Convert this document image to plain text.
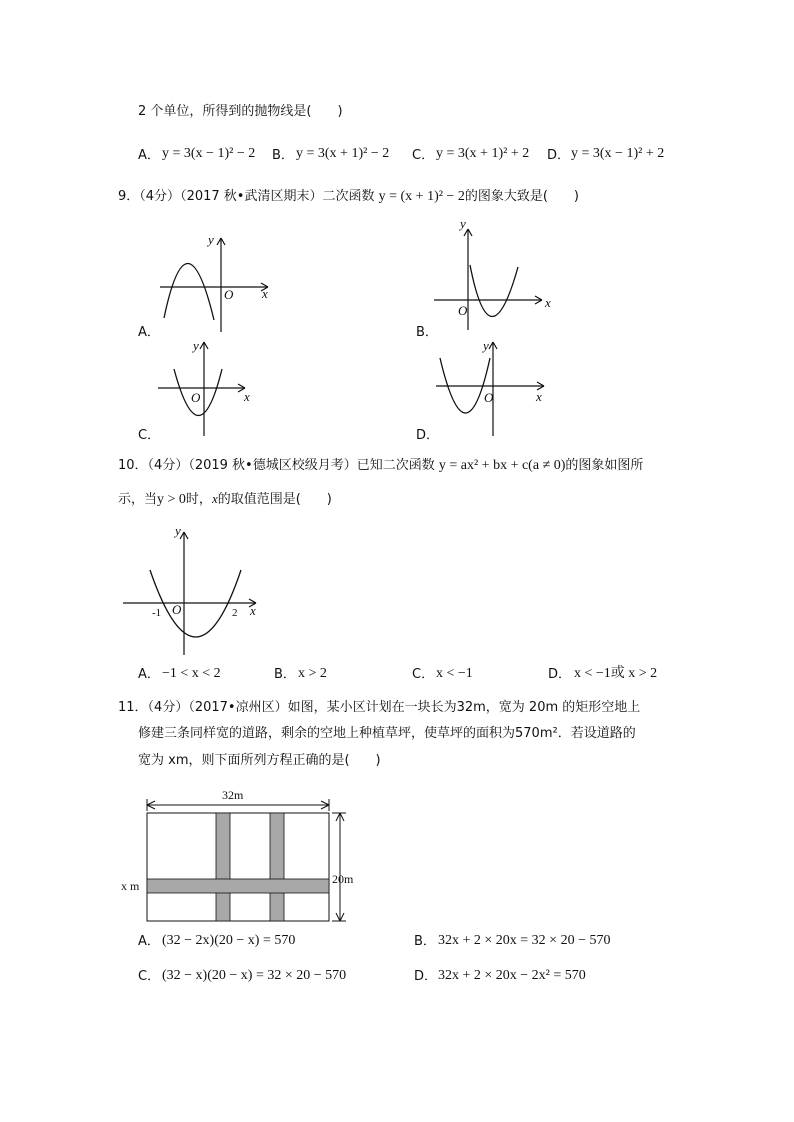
2 个单位，所得到的抛物线是(　　)
A． y = 3(x − 1)² − 2 B． y = 3(x + 1)² − 2 C． y = 3(x + 1)² + 2 D． y = 3(x − 1)² + 2
9．（4分）（2017 秋•武清区期末）二次函数 y = (x + 1)² − 2的图象大致是(　　)
O x
y
A．
O
x
y
B．
O	x
y
C．
O	x
y
D．
10．（4分）（2019 秋•德城区校级月考）已知二次函数 y = ax² + bx + c(a ≠ 0)的图象如图所
示，当y > 0时，x的取值范围是(　　)
-1	2
O	x
y
A． −1 < x < 2	B． x > 2	C． x < −1	D． x < −1或 x > 2
11．（4分）（2017•凉州区）如图，某小区计划在一块长为32m，宽为 20m 的矩形空地上
修建三条同样宽的道路，剩余的空地上种植草坪，使草坪的面积为570m²．若设道路的
宽为 xm，则下面所列方程正确的是(　　)
32m
20m
x m
A． (32 − 2x)(20 − x) = 570	B． 32x + 2 × 20x = 32 × 20 − 570
C． (32 − x)(20 − x) = 32 × 20 − 570	D． 32x + 2 × 20x − 2x² = 570
